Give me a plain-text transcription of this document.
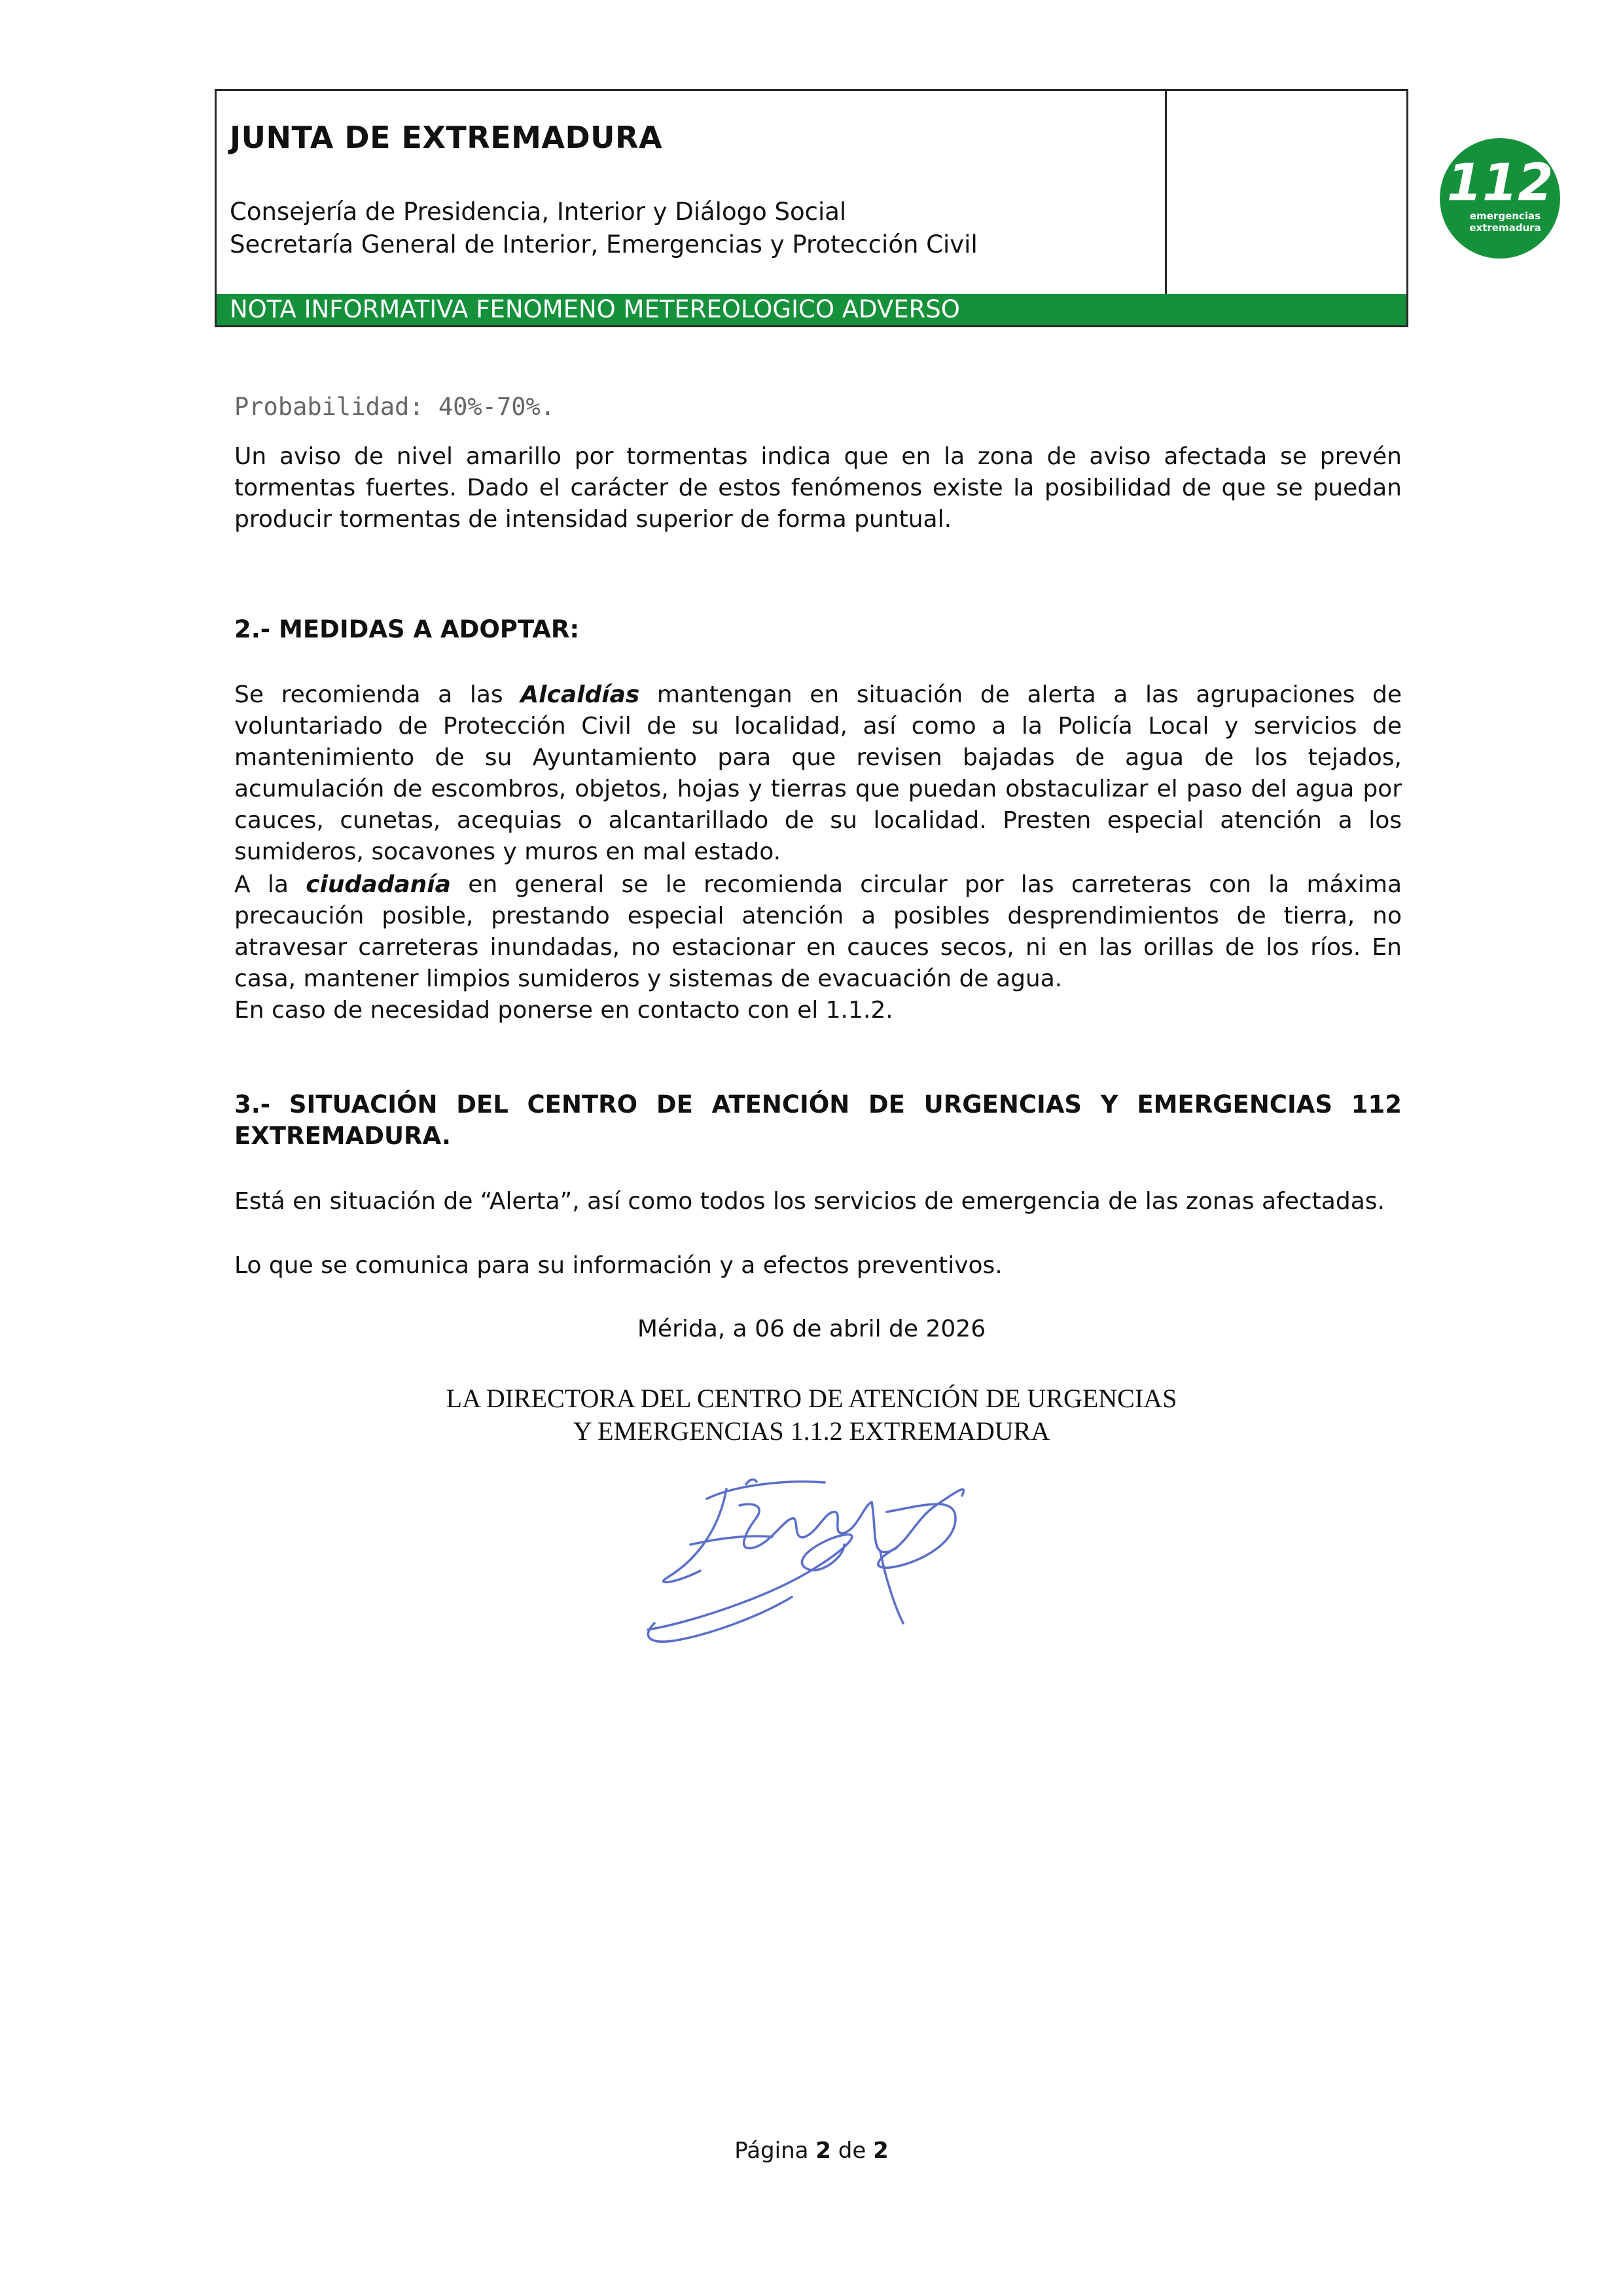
JUNTA DE EXTREMADURA
Consejería de Presidencia, Interior y Diálogo Social
Secretaría General de Interior, Emergencias y Protección Civil
112
emergencias
extremadura
NOTA INFORMATIVA FENOMENO METEREOLOGICO ADVERSO
Probabilidad: 40%-70%.

Un aviso de nivel amarillo por tormentas indica que en la zona de aviso afectada se prevén tormentas fuertes. Dado el carácter de estos fenómenos existe la posibilidad de que se puedan producir tormentas de intensidad superior de forma puntual.

2.- MEDIDAS A ADOPTAR:

Se recomienda a las Alcaldías mantengan en situación de alerta a las agrupaciones de voluntariado de Protección Civil de su localidad, así como a la Policía Local y servicios de mantenimiento de su Ayuntamiento para que revisen bajadas de agua de los tejados, acumulación de escombros, objetos, hojas y tierras que puedan obstaculizar el paso del agua por cauces, cunetas, acequias o alcantarillado de su localidad. Presten especial atención a los sumideros, socavones y muros en mal estado.

A la ciudadanía en general se le recomienda circular por las carreteras con la máxima precaución posible, prestando especial atención a posibles desprendimientos de tierra, no atravesar carreteras inundadas, no estacionar en cauces secos, ni en las orillas de los ríos. En casa, mantener limpios sumideros y sistemas de evacuación de agua.

En caso de necesidad ponerse en contacto con el 1.1.2.

3.- SITUACIÓN DEL CENTRO DE ATENCIÓN DE URGENCIAS Y EMERGENCIAS 112 EXTREMADURA.

Está en situación de “Alerta”, así como todos los servicios de emergencia de las zonas afectadas.

Lo que se comunica para su información y a efectos preventivos.

Mérida, a 06 de abril de 2026
LA DIRECTORA DEL CENTRO DE ATENCIÓN DE URGENCIAS
Y EMERGENCIAS 1.1.2 EXTREMADURA
Página 2 de 2
